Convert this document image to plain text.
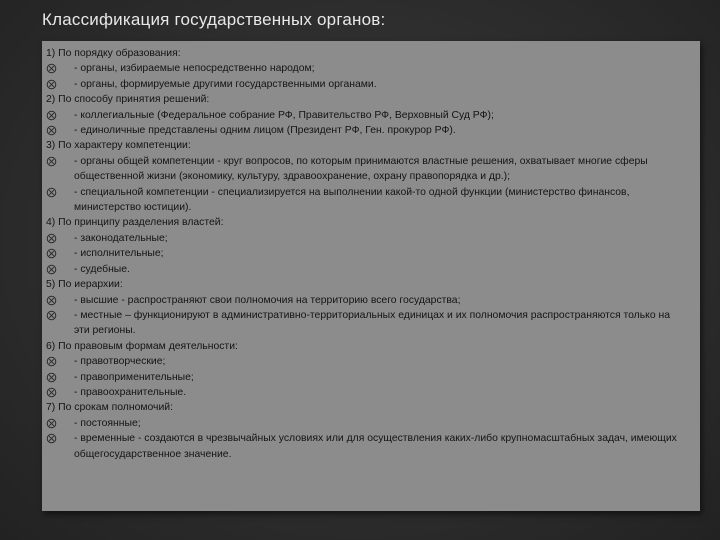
Классификация государственных органов:
1) По порядку образования:
- органы, избираемые непосредственно народом;
- органы, формируемые другими государственными органами.
2) По способу принятия решений:
- коллегиальные (Федеральное собрание РФ, Правительство РФ, Верховный Суд РФ);
- единоличные представлены одним лицом (Президент РФ, Ген. прокурор РФ).
3) По характеру компетенции:
- органы общей компетенции - круг вопросов, по которым принимаются властные решения, охватывает многие сферы общественной жизни (экономику, культуру, здравоохранение, охрану правопорядка и др.);
- специальной компетенции - специализируется на выполнении какой-то одной функции (министерство финансов, министерство юстиции).
4) По принципу разделения властей:
- законодательные;
- исполнительные;
- судебные.
5) По иерархии:
- высшие - распространяют свои полномочия на территорию всего государства;
- местные – функционируют в административно-территориальных единицах и их полномочия распространяются только на эти регионы.
6) По правовым формам деятельности:
- правотворческие;
- правоприменительные;
- правоохранительные.
7) По срокам полномочий:
- постоянные;
- временные - создаются в чрезвычайных условиях или для осуществления каких-либо крупномасштабных задач, имеющих общегосударственное значение.
